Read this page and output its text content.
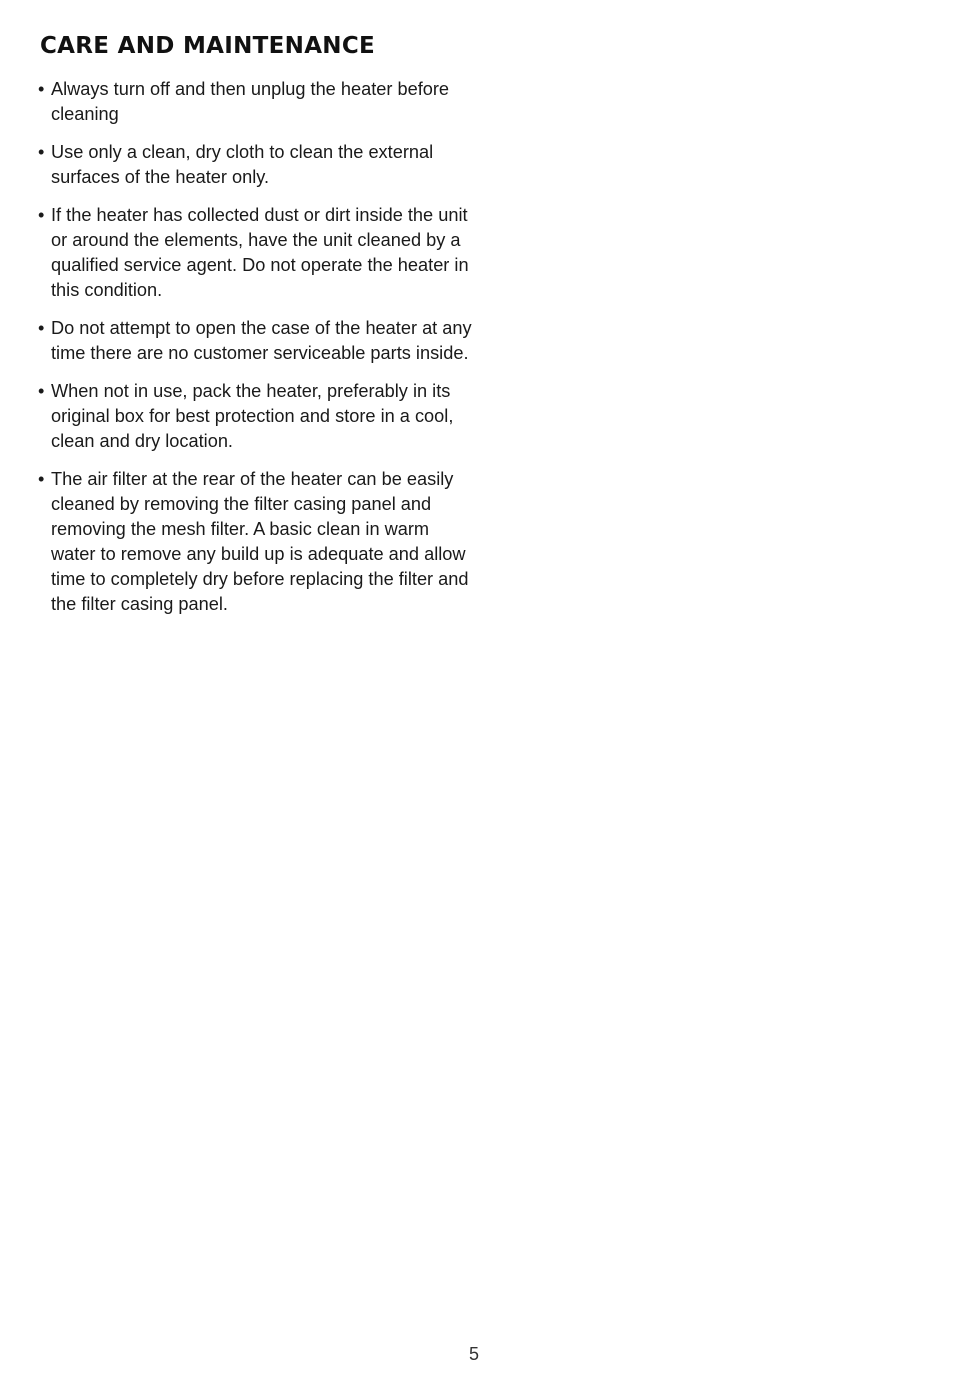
CARE AND MAINTENANCE
• Always turn off and then unplug the heater before cleaning
• Use only a clean, dry cloth to clean the external surfaces of the heater only.
• If the heater has collected dust or dirt inside the unit or around the elements, have the unit cleaned by a qualified service agent. Do not operate the heater in this condition.
• Do not attempt to open the case of the heater at any time there are no customer serviceable parts inside.
• When not in use, pack the heater, preferably in its original box for best protection and store in a cool, clean and dry location.
• The air filter at the rear of the heater can be easily cleaned by removing the filter casing panel and removing the mesh filter. A basic clean in warm water to remove any build up is adequate and allow time to completely dry before replacing the filter and the filter casing panel.
5
